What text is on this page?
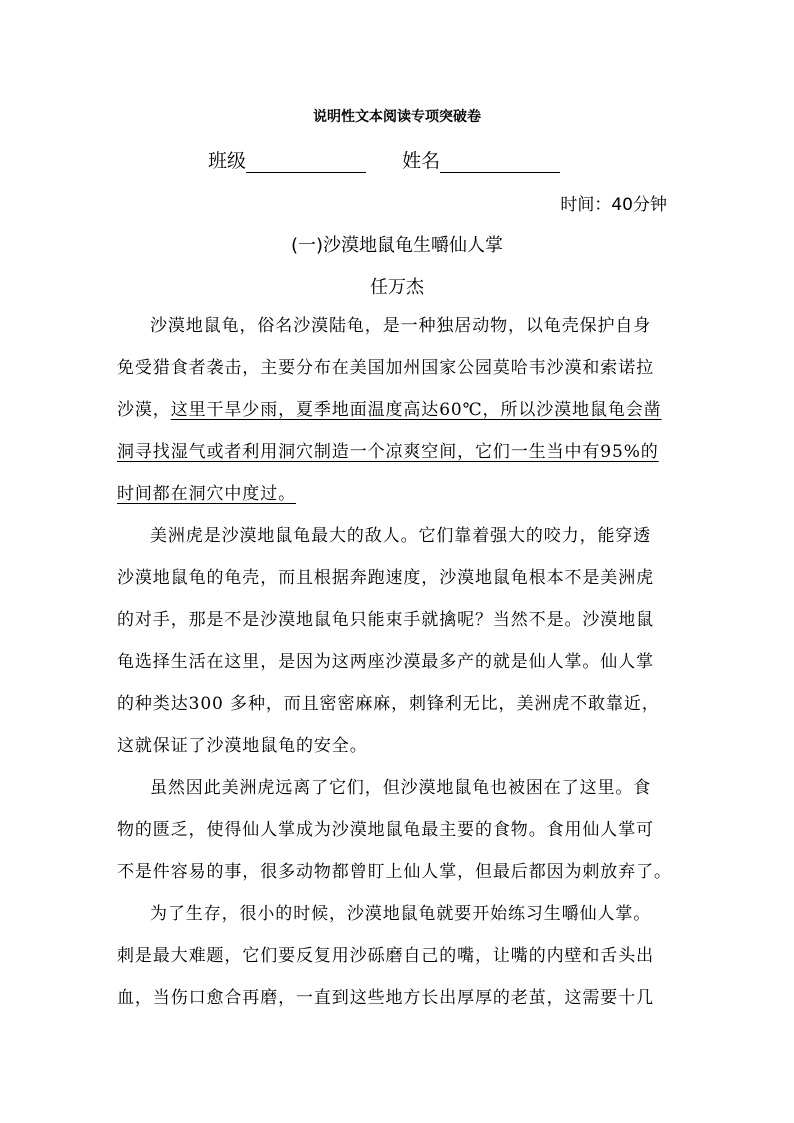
说明性文本阅读专项突破卷
班级	姓名
时间：40分钟
(一)沙漠地鼠龟生嚼仙人掌
任万杰
沙漠地鼠龟，俗名沙漠陆龟，是一种独居动物，以龟壳保护自身
免受猎食者袭击，主要分布在美国加州国家公园莫哈韦沙漠和索诺拉
沙漠，这里干旱少雨，夏季地面温度高达60℃，所以沙漠地鼠龟会凿
洞寻找湿气或者利用洞穴制造一个凉爽空间，它们一生当中有95%的
时间都在洞穴中度过。
美洲虎是沙漠地鼠龟最大的敌人。它们靠着强大的咬力，能穿透
沙漠地鼠龟的龟壳，而且根据奔跑速度，沙漠地鼠龟根本不是美洲虎
的对手，那是不是沙漠地鼠龟只能束手就擒呢？当然不是。沙漠地鼠
龟选择生活在这里，是因为这两座沙漠最多产的就是仙人掌。仙人掌
的种类达300 多种，而且密密麻麻，刺锋利无比，美洲虎不敢靠近，
这就保证了沙漠地鼠龟的安全。
虽然因此美洲虎远离了它们，但沙漠地鼠龟也被困在了这里。食
物的匮乏，使得仙人掌成为沙漠地鼠龟最主要的食物。食用仙人掌可
不是件容易的事，很多动物都曾盯上仙人掌，但最后都因为刺放弃了。
为了生存，很小的时候，沙漠地鼠龟就要开始练习生嚼仙人掌。
刺是最大难题，它们要反复用沙砾磨自己的嘴，让嘴的内壁和舌头出
血，当伤口愈合再磨，一直到这些地方长出厚厚的老茧，这需要十几
